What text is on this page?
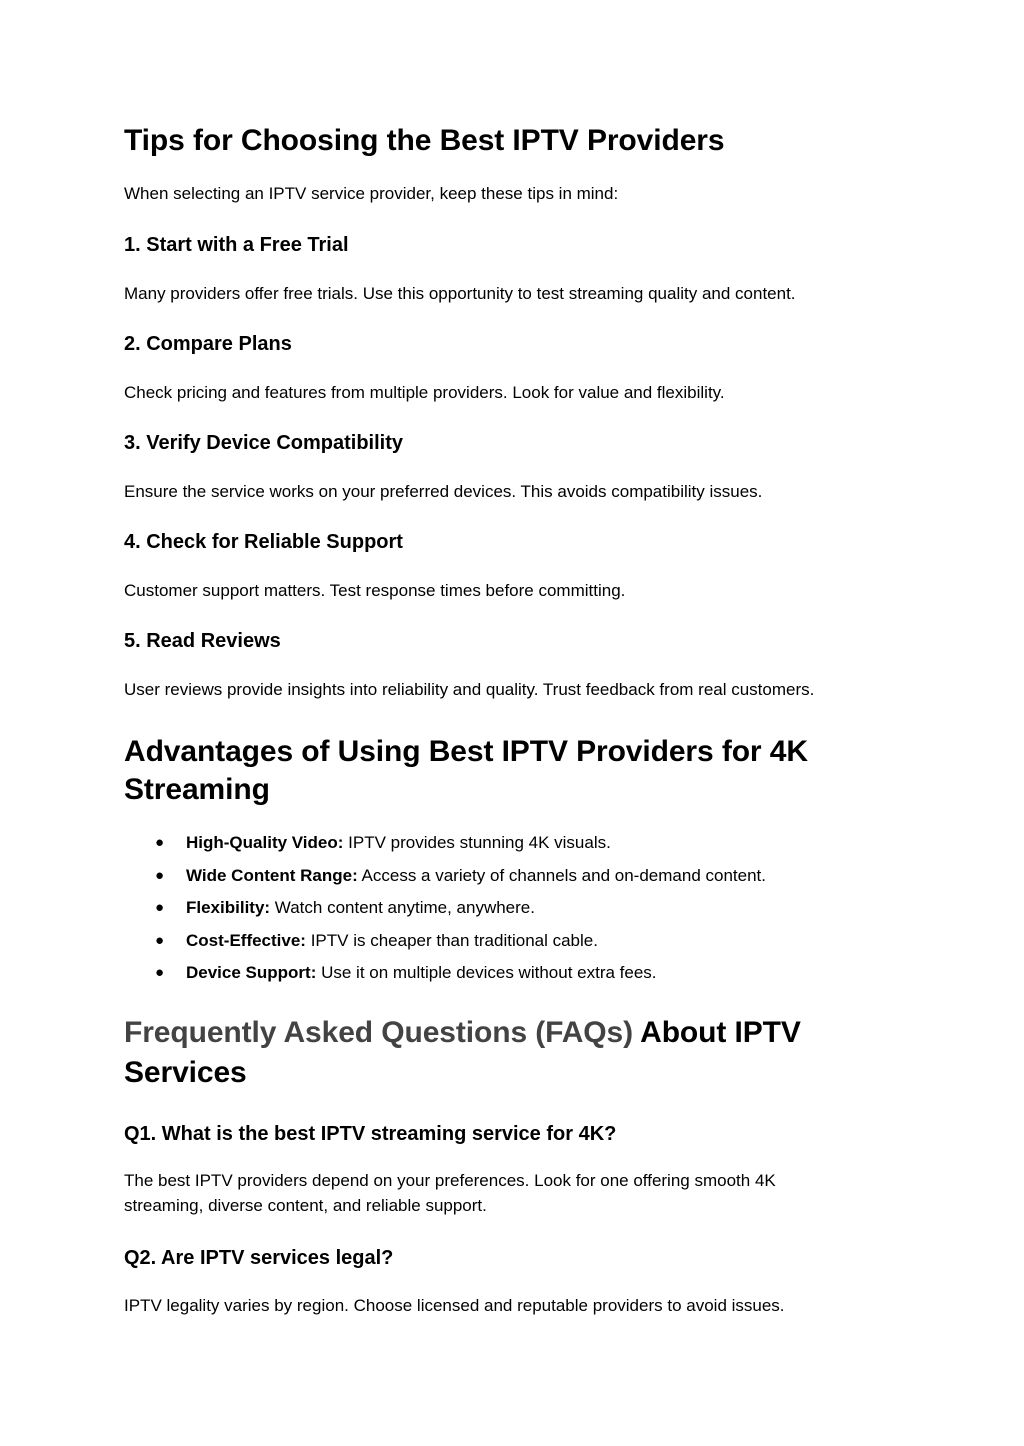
Tips for Choosing the Best IPTV Providers

When selecting an IPTV service provider, keep these tips in mind:

1. Start with a Free Trial

Many providers offer free trials. Use this opportunity to test streaming quality and content.

2. Compare Plans

Check pricing and features from multiple providers. Look for value and flexibility.

3. Verify Device Compatibility

Ensure the service works on your preferred devices. This avoids compatibility issues.

4. Check for Reliable Support

Customer support matters. Test response times before committing.

5. Read Reviews

User reviews provide insights into reliability and quality. Trust feedback from real customers.

Advantages of Using Best IPTV Providers for 4K
Streaming
● High-Quality Video: IPTV provides stunning 4K visuals.
● Wide Content Range: Access a variety of channels and on-demand content.
● Flexibility: Watch content anytime, anywhere.
● Cost-Effective: IPTV is cheaper than traditional cable.
● Device Support: Use it on multiple devices without extra fees.
Frequently Asked Questions (FAQs) About IPTV
Services
Q1. What is the best IPTV streaming service for 4K?

The best IPTV providers depend on your preferences. Look for one offering smooth 4K

streaming, diverse content, and reliable support.

Q2. Are IPTV services legal?

IPTV legality varies by region. Choose licensed and reputable providers to avoid issues.
